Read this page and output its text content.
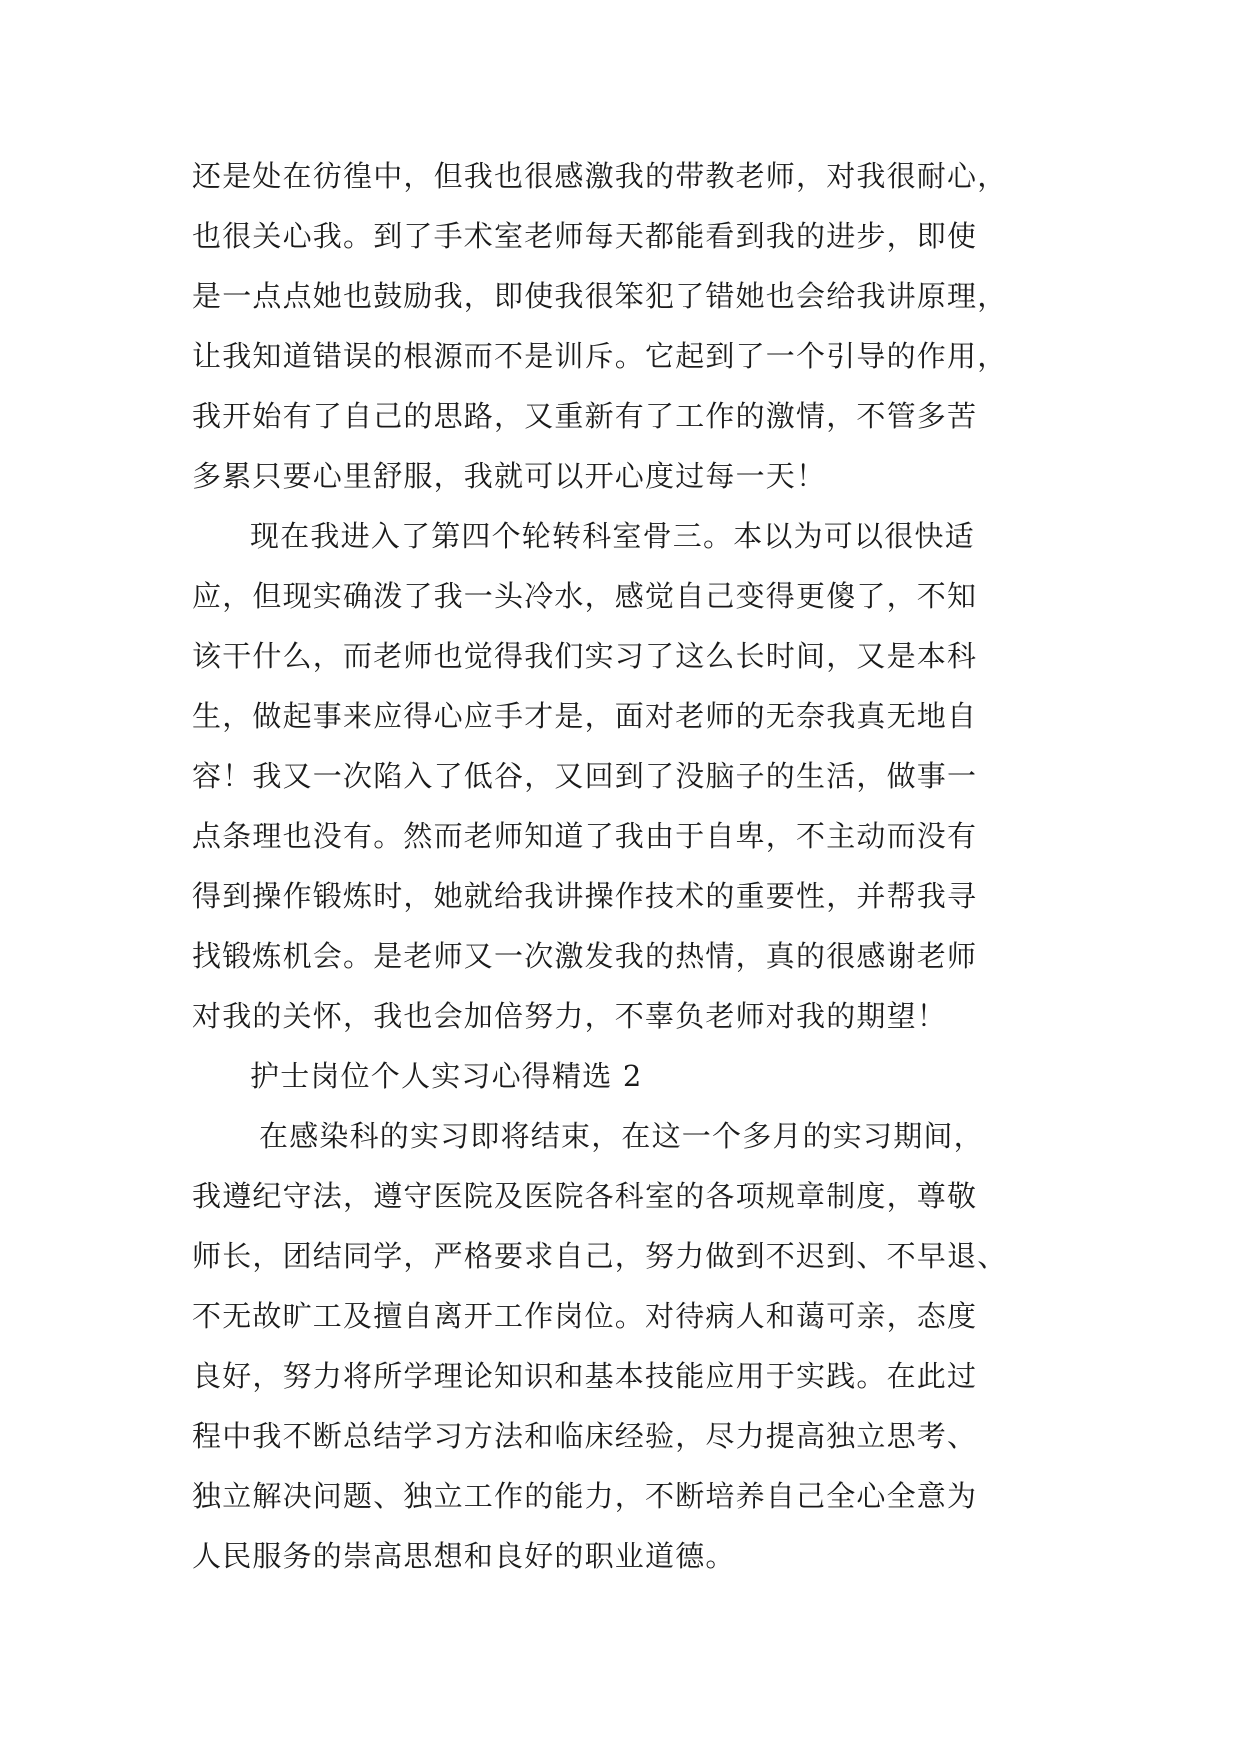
还是处在彷徨中，但我也很感激我的带教老师，对我很耐心，
也很关心我。到了手术室老师每天都能看到我的进步，即使
是一点点她也鼓励我，即使我很笨犯了错她也会给我讲原理，
让我知道错误的根源而不是训斥。它起到了一个引导的作用，
我开始有了自己的思路，又重新有了工作的激情，不管多苦
多累只要心里舒服，我就可以开心度过每一天！
现在我进入了第四个轮转科室骨三。本以为可以很快适
应，但现实确泼了我一头冷水，感觉自己变得更傻了，不知
该干什么，而老师也觉得我们实习了这么长时间，又是本科
生，做起事来应得心应手才是，面对老师的无奈我真无地自
容！我又一次陷入了低谷，又回到了没脑子的生活，做事一
点条理也没有。然而老师知道了我由于自卑，不主动而没有
得到操作锻炼时，她就给我讲操作技术的重要性，并帮我寻
找锻炼机会。是老师又一次激发我的热情，真的很感谢老师
对我的关怀，我也会加倍努力，不辜负老师对我的期望！
护士岗位个人实习心得精选 2
在感染科的实习即将结束，在这一个多月的实习期间，
我遵纪守法，遵守医院及医院各科室的各项规章制度，尊敬
师长，团结同学，严格要求自己，努力做到不迟到、不早退、
不无故旷工及擅自离开工作岗位。对待病人和蔼可亲，态度
良好，努力将所学理论知识和基本技能应用于实践。在此过
程中我不断总结学习方法和临床经验，尽力提高独立思考、
独立解决问题、独立工作的能力，不断培养自己全心全意为
人民服务的崇高思想和良好的职业道德。
